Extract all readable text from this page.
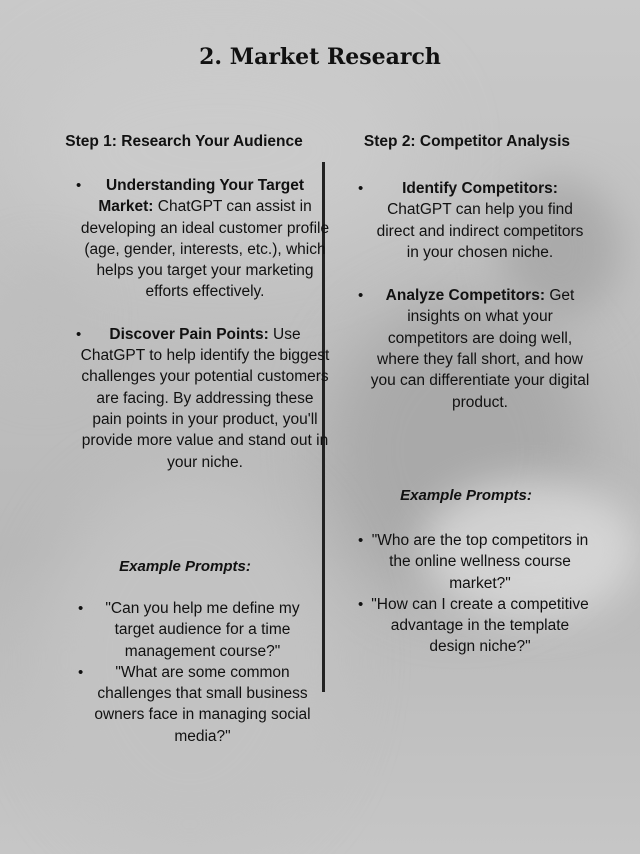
2. Market Research
Step 1: Research Your Audience	Step 2: Competitor Analysis
• Understanding Your Target Market: ChatGPT can assist in developing an ideal customer profile (age, gender, interests, etc.), which helps you target your marketing efforts effectively.
• Discover Pain Points: Use ChatGPT to help identify the biggest challenges your potential customers are facing. By addressing these pain points in your product, you'll provide more value and stand out in your niche.
Example Prompts:
• "Can you help me define my target audience for a time management course?"
• "What are some common challenges that small business owners face in managing social media?"
•	Identify Competitors: ChatGPT can help you find direct and indirect competitors in your chosen niche.
• Analyze Competitors: Get insights on what your competitors are doing well, where they fall short, and how you can differentiate your digital product.
Example Prompts:
• "Who are the top competitors in the online wellness course market?"
• "How can I create a competitive advantage in the template design niche?"
